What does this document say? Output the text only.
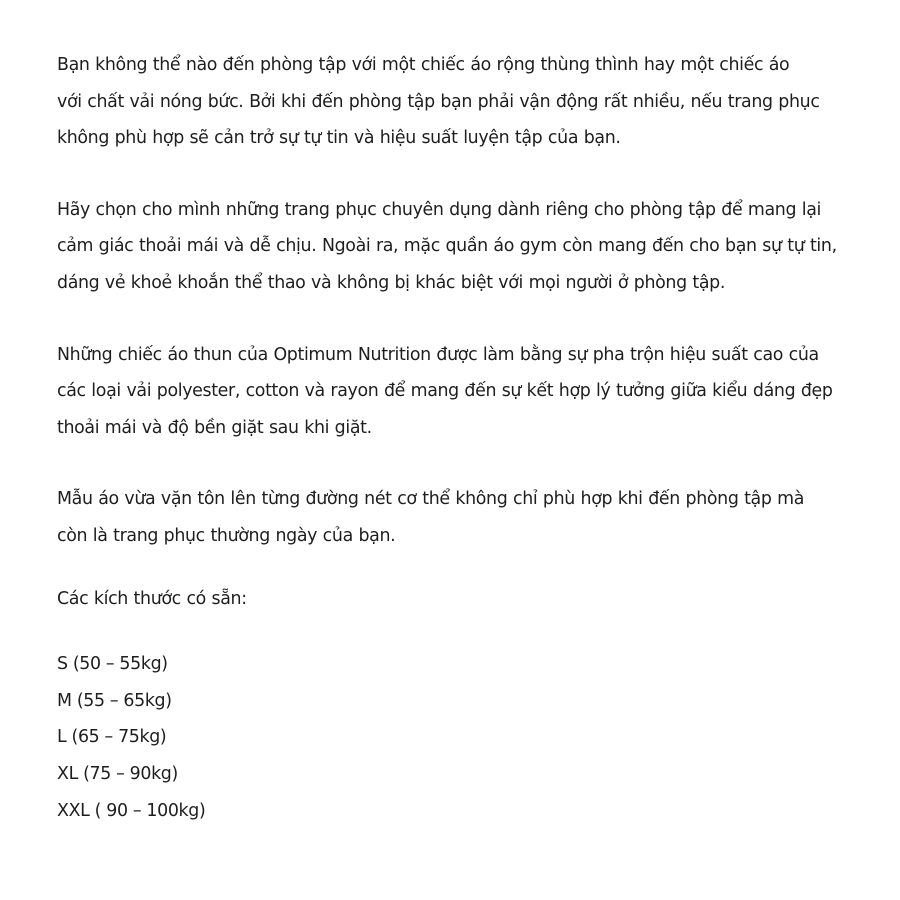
Bạn không thể nào đến phòng tập với một chiếc áo rộng thùng thình hay một chiếc áo
với chất vải nóng bức. Bởi khi đến phòng tập bạn phải vận động rất nhiều, nếu trang phục
không phù hợp sẽ cản trở sự tự tin và hiệu suất luyện tập của bạn.

Hãy chọn cho mình những trang phục chuyên dụng dành riêng cho phòng tập để mang lại
cảm giác thoải mái và dễ chịu. Ngoài ra, mặc quần áo gym còn mang đến cho bạn sự tự tin,
dáng vẻ khoẻ khoắn thể thao và không bị khác biệt với mọi người ở phòng tập.

Những chiếc áo thun của Optimum Nutrition được làm bằng sự pha trộn hiệu suất cao của
các loại vải polyester, cotton và rayon để mang đến sự kết hợp lý tưởng giữa kiểu dáng đẹp
thoải mái và độ bền giặt sau khi giặt.

Mẫu áo vừa vặn tôn lên từng đường nét cơ thể không chỉ phù hợp khi đến phòng tập mà
còn là trang phục thường ngày của bạn.

Các kích thước có sẵn:

S (50 – 55kg)
M (55 – 65kg)
L (65 – 75kg)
XL (75 – 90kg)
XXL ( 90 – 100kg)
